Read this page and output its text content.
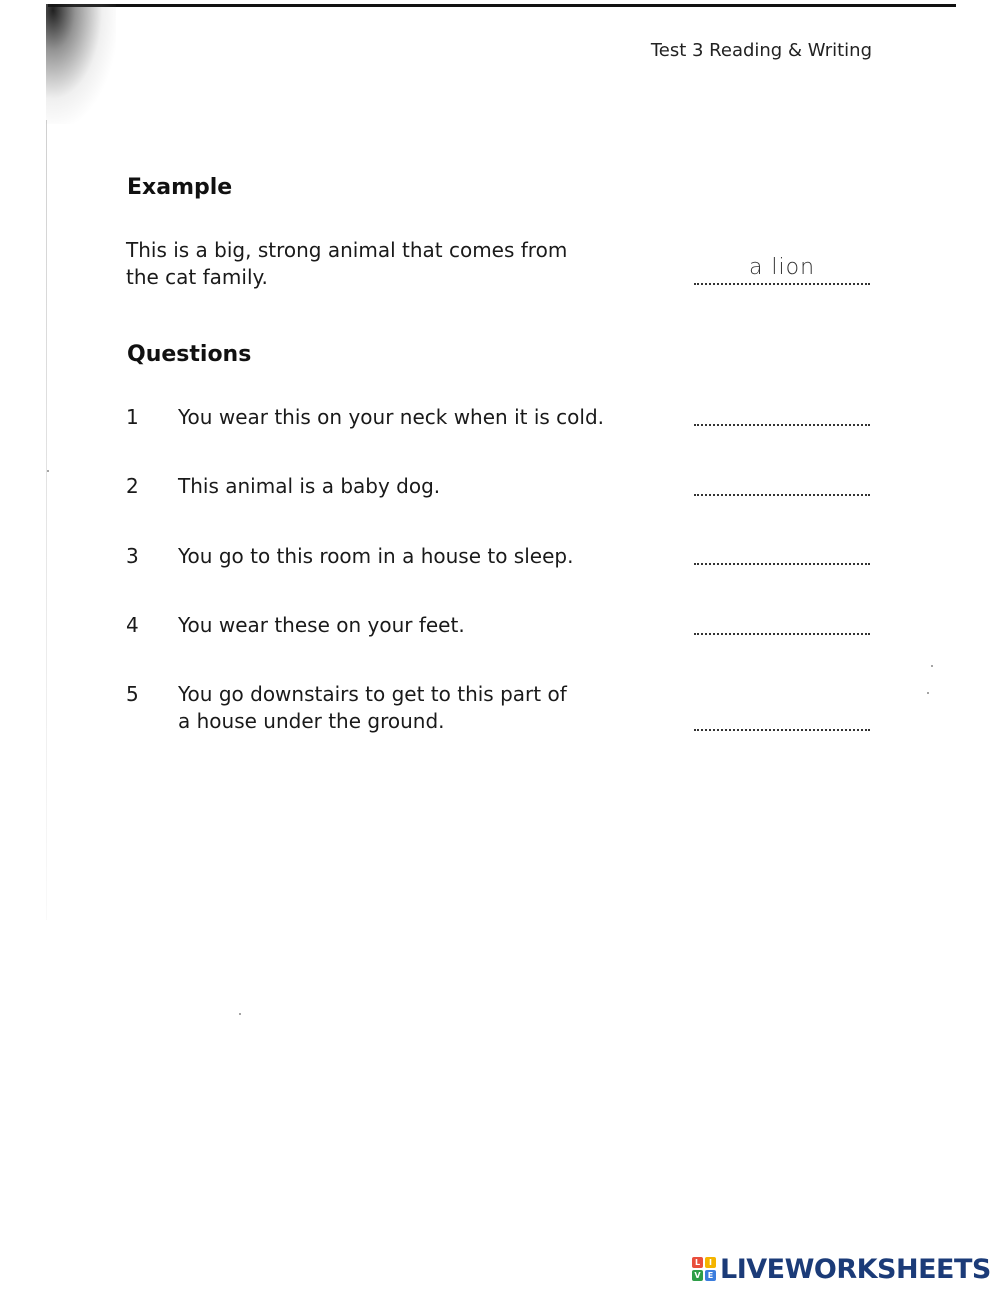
Test 3 Reading & Writing
Example
This is a big, strong animal that comes from
the cat family.	a lion
Questions
1 You wear this on your neck when it is cold.
2 This animal is a baby dog.
3 You go to this room in a house to sleep.
4 You wear these on your feet.
5 You go downstairs to get to this part of
a house under the ground.
L	I
V E LIVEWORKSHEETS
